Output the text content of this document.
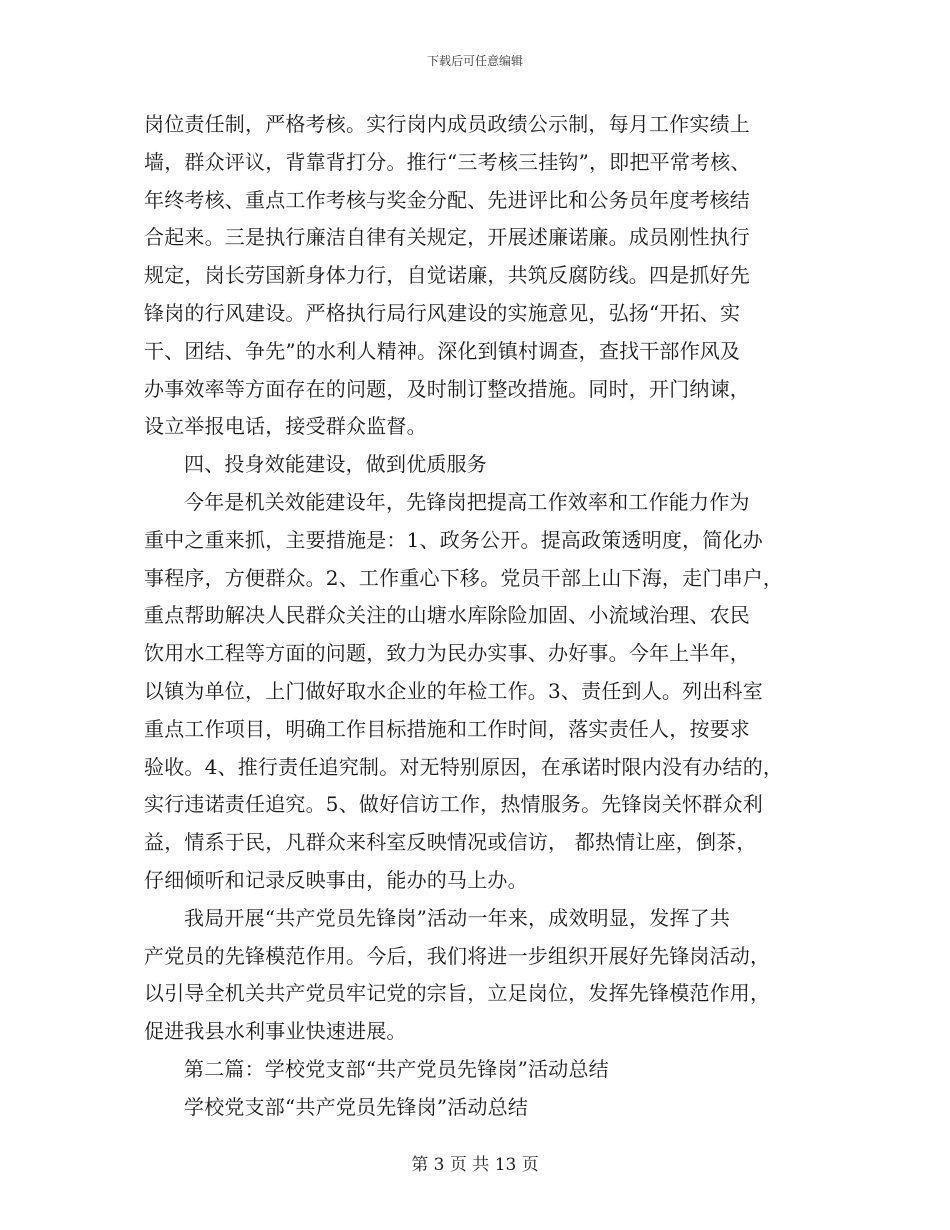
下载后可任意编辑
岗位责任制，严格考核。实行岗内成员政绩公示制，每月工作实绩上
墙，群众评议，背靠背打分。推行“三考核三挂钩”，即把平常考核、
年终考核、重点工作考核与奖金分配、先进评比和公务员年度考核结
合起来。三是执行廉洁自律有关规定，开展述廉诺廉。成员刚性执行
规定，岗长劳国新身体力行，自觉诺廉，共筑反腐防线。四是抓好先
锋岗的行风建设。严格执行局行风建设的实施意见，弘扬“开拓、实
干、团结、争先”的水利人精神。深化到镇村调查，查找干部作风及
办事效率等方面存在的问题，及时制订整改措施。同时，开门纳谏，
设立举报电话，接受群众监督。
四、投身效能建设，做到优质服务
今年是机关效能建设年，先锋岗把提高工作效率和工作能力作为
重中之重来抓，主要措施是：1、政务公开。提高政策透明度，简化办
事程序，方便群众。2、工作重心下移。党员干部上山下海，走门串户，
重点帮助解决人民群众关注的山塘水库除险加固、小流域治理、农民
饮用水工程等方面的问题，致力为民办实事、办好事。今年上半年，
以镇为单位，上门做好取水企业的年检工作。3、责任到人。列出科室
重点工作项目，明确工作目标措施和工作时间，落实责任人，按要求
验收。4、推行责任追究制。对无特别原因，在承诺时限内没有办结的，
实行违诺责任追究。5、做好信访工作，热情服务。先锋岗关怀群众利
益，情系于民，凡群众来科室反映情况或信访， 都热情让座，倒茶，
仔细倾听和记录反映事由，能办的马上办。
我局开展“共产党员先锋岗”活动一年来，成效明显，发挥了共
产党员的先锋模范作用。今后，我们将进一步组织开展好先锋岗活动，
以引导全机关共产党员牢记党的宗旨，立足岗位，发挥先锋模范作用，
促进我县水利事业快速进展。
第二篇：学校党支部“共产党员先锋岗”活动总结
学校党支部“共产党员先锋岗”活动总结
第 3 页 共 13 页
